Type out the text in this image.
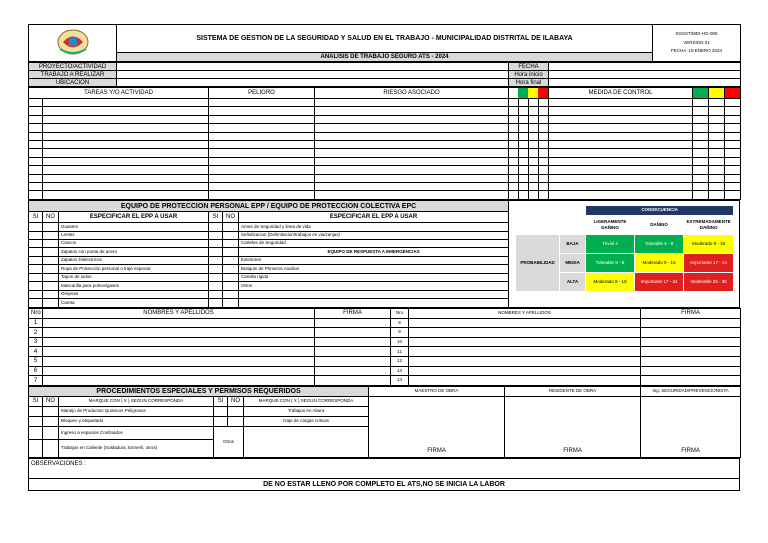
	SISTEMA DE GESTION DE LA SEGURIDAD Y SALUD EN EL TRABAJO - MUNICIPALIDAD DISTRITAL DE ILABAYA	
SGSST/MDI-HG-005
VERSION 01
FECHA :19 ENERO 2024

ANALISIS DE TRABAJO SEGURO ATS - 2024
PROYECTO/ACTIVIDAD		FECHA	
TRABAJO A REALIZAR		Hora inicio	
UBICACION		Hora final	
TAREAS Y/O ACTIVIDAD		PELIGRO	RIESGO ASOCIADO					MEDIDA DE CONTROL			

EQUIPO DE PROTECCION PERSONAL EPP / EQUIPO DE PROTECCION COLECTIVA EPC					
SI	NO	ESPECIFICAR EL EPP A USAR	SI	NO	ESPECIFICAR EL EPP A USAR
		Guantes			Arnes de Seguridad y linea de vida
		Lentes			Señalizacion (Delimitacion/trabajos en via/zanjas)
		Cascos			Carteles de Seguridad
		Zapatos con punta de acero			EQUIPO DE RESPUESTA A EMERGENCIAS
		Zapatos Dielectricos			Extintores
		Ropa de Protección personal o traje especial			Botiquin de Primeros Auxilios
		Tapon de oidos			Camilla rigida
		Mascarilla para polvos/gases			Otros
		Orejeras			
		Careta			
		CONSECUENCIA		
		LIGERAMENTE DAÑINO	DAÑINO	EXTREMADAMENTE DAÑINO
PROBABILIDAD	BAJA	Trivial 4	Tolerable 5 - 8	Moderado 9 - 16
	MEDIA	Tolerable 5 - 8	Moderado 9 - 16	Importante 17 - 24
	ALTA	Moderado 9 - 16	Importante 17 - 24	Intolerable 25 - 36
Nro	NOMBRES Y APELLIDOS	FIRMA	Nro	NOMBRES Y APELLIDOS	FIRMA
1			8		
2			9		
3			10		
4			11		
5			12		
6			13		
7			14		
PROCEDIMIENTOS ESPECIALES Y PERMISOS REQUERIDOS						MAESTRO DE OBRA	RESIDENTE DE OBRA	Ing. SEGURIDAD/PREVENCIONISTA
SI	NO	MARQUE CON ( X ) SEGUN CORRESPONDA	SI	NO	MARQUE CON ( X ) SEGUN CORRESPONDA	FIRMA	FIRMA	FIRMA

		Manejo de Productos Quimicos Peligrosos			Trabajos en Altura			
		Bloqueo y etiquetado			Izaje de cargas criticas			
		Ingreso a espacios Confinados	Otros					
		Trabajos en Caliente (Soldadura, Esmeril, otros)						
OBSERVACIONES :
DE NO ESTAR LLENO POR COMPLETO EL ATS,NO SE INICIA LA LABOR
